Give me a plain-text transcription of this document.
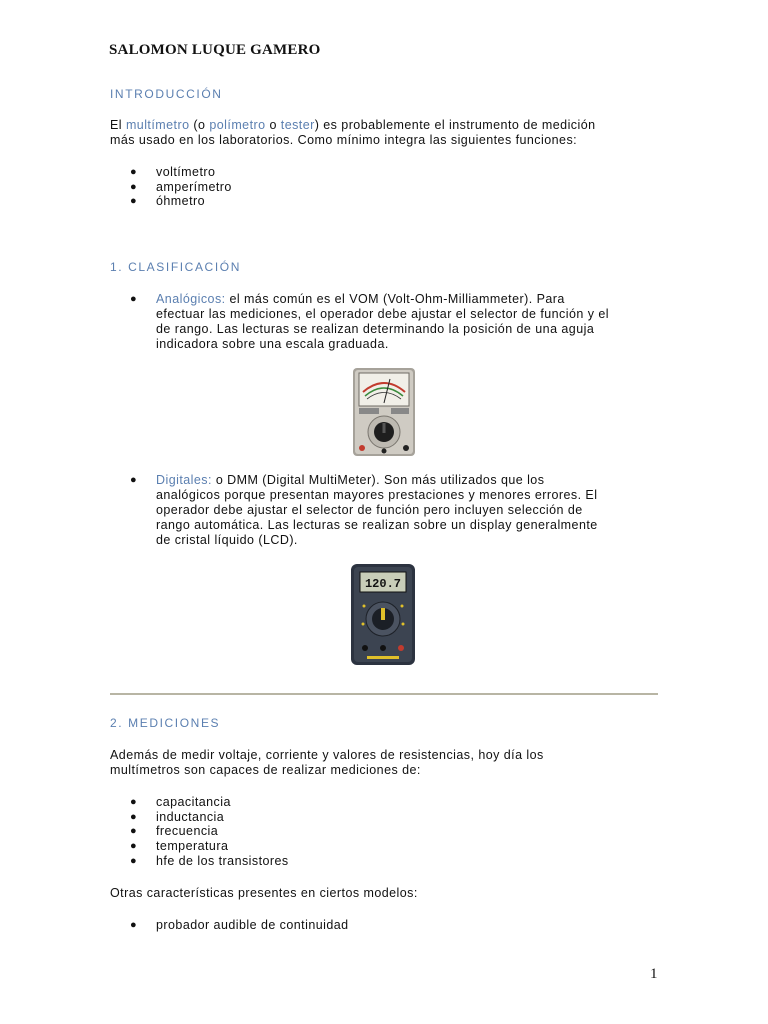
SALOMON LUQUE GAMERO
INTRODUCCIÓN
El multímetro (o polímetro o tester) es probablemente el instrumento de medición
más usado en los laboratorios. Como mínimo integra las siguientes funciones:
● voltímetro
● amperímetro
● óhmetro
1. CLASIFICACIÓN
● Analógicos: el más común es el VOM (Volt-Ohm-Milliammeter). Para
efectuar las mediciones, el operador debe ajustar el selector de función y el
de rango. Las lecturas se realizan determinando la posición de una aguja
indicadora sobre una escala graduada.
● Digitales: o DMM (Digital MultiMeter). Son más utilizados que los
analógicos porque presentan mayores prestaciones y menores errores. El
operador debe ajustar el selector de función pero incluyen selección de
rango automática. Las lecturas se realizan sobre un display generalmente
de cristal líquido (LCD).
120.7
2. MEDICIONES
Además de medir voltaje, corriente y valores de resistencias, hoy día los
multímetros son capaces de realizar mediciones de:
● capacitancia
● inductancia
● frecuencia
● temperatura
● hfe de los transistores
Otras características presentes en ciertos modelos:
● probador audible de continuidad
1
